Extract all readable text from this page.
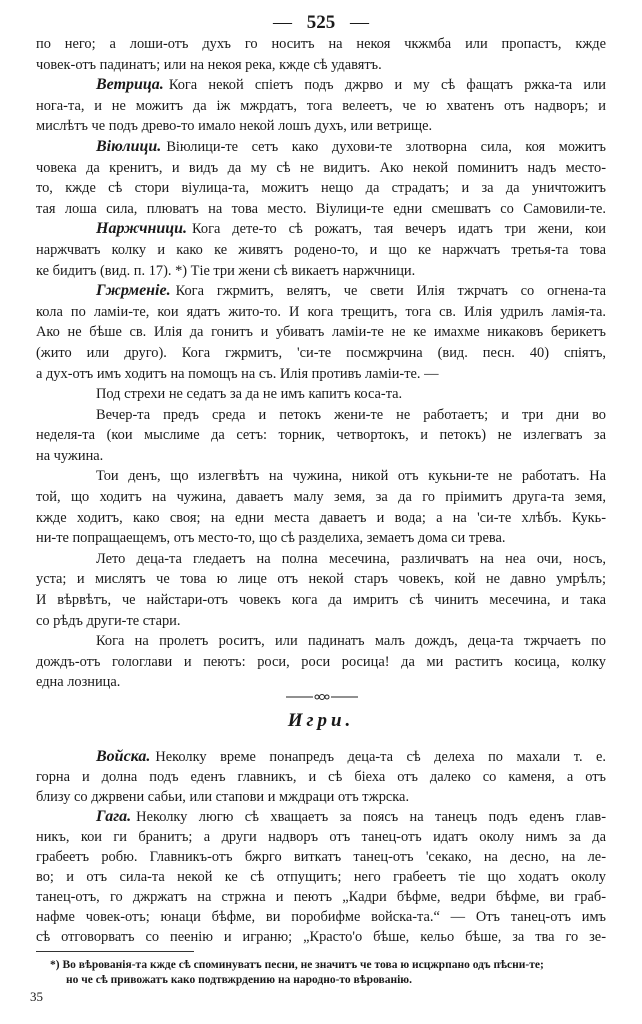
— 525 —
по него; а лоши-отъ духъ го носитъ на некоя чкжмба или пропастъ, кжде
човек-отъ падинатъ; или на некоя река, кжде сѣ удавятъ.
Ветрица. Кога некой спіетъ подъ джрво и му сѣ фащатъ ржка-та или
нога-та, и не можитъ да іж мжрдатъ, тога велеетъ, че ю хватенъ отъ надворъ; и
мислѣтъ че подъ древо-то имало некой лошъ духъ, или ветрище.
Віюлици. Віюлици-те сетъ како духови-те злотворна сила, коя можитъ
човека да кренитъ, и видъ да му сѣ не видитъ. Ако некой поминитъ надъ место-
то, кжде сѣ стори віулица-та, можитъ нещо да страдатъ; и за да уничтожитъ
тая лоша сила, плюватъ на това место. Віулици-те едни смешватъ со Самовили-те.
Наржчници. Кога дете-то сѣ рожатъ, тая вечеръ идатъ три жени, кои
наржчватъ колку и како ке живятъ родено-то, и що ке наржчатъ третья-та това
ке бидитъ (вид. п. 17). *) Тіе три жени сѣ викаетъ наржчници.
Гжрменіе. Кога гжрмитъ, велятъ, че свети Илія тжрчатъ со огнена-та
кола по ламіи-те, кои ядатъ жито-то. И кога трещитъ, тога св. Илія удрилъ ламія-та.
Ако не бѣше св. Илія да гонитъ и убиватъ ламіи-те не ке имахме никаковъ берикетъ
(жито или друго). Кога гжрмитъ, 'си-те посмжрчина (вид. песн. 40) спіятъ,
а дух-отъ имъ ходитъ на помощъ на съ. Илія противъ ламіи-те. —
Под стрехи не седатъ за да не имъ капитъ коса-та.
Вечер-та предъ среда и петокъ жени-те не работаетъ; и три дни во
неделя-та (кои мыслиме да сетъ: торник, четвортокъ, и петокъ) не излегватъ за
на чужина.
Тои денъ, що излегвѣтъ на чужина, никой отъ кукьни-те не работатъ. На
той, що ходитъ на чужина, даваетъ малу земя, за да го пріимитъ друга-та земя,
кжде ходитъ, како своя; на едни места даваетъ и вода; а на 'си-те хлѣбъ. Кукь-
ни-те попращаещемъ, отъ место-то, що сѣ разделиха, земаетъ дома си трева.
Лето деца-та гледаетъ на полна месечина, различватъ на неа очи, носъ,
уста; и мислятъ че това ю лице отъ некой старъ човекъ, кой не давно умрѣлъ;
И вѣрвѣтъ, че найстари-отъ човекъ кога да имритъ сѣ чинитъ месечина, и така
со рѣдъ други-те стари.
Кога на пролетъ роситъ, или падинатъ малъ дождъ, деца-та тжрчаетъ по
дождъ-отъ гологлави и пеютъ: роси, роси росица! да ми раститъ косица, колку
една лозница.
Игри.
Войска. Неколку време понапредъ деца-та сѣ делеха по махали т. е.
горна и долна подъ еденъ главникъ, и сѣ біеха отъ далеко со каменя, а отъ
близу со джрвени сабьи, или стапови и мждраци отъ тжрска.
Гага. Неколку люгю сѣ хващаетъ за поясъ на танецъ подъ еденъ глав-
никъ, кои ги бранитъ; а други надворъ отъ танец-отъ идатъ околу нимъ за да
грабеетъ робю. Главникъ-отъ бжрго виткатъ танец-отъ 'секако, на десно, на ле-
во; и отъ сила-та некой ке сѣ отпущитъ; него грабеетъ тіе що ходатъ околу
танец-отъ, го джржатъ на стржна и пеютъ „Кадри бѣфме, ведри бѣфме, ви граб-
нафме човек-отъ; юнаци бѣфме, ви поробифме войска-та.“ — Отъ танец-отъ имъ
сѣ отговорватъ со пеенію и играню; „Красто'о бѣше, кельо бѣше, за тва го зе-
*) Во вѣрованія-та кжде сѣ споминуватъ песни, не значитъ че това ю исцжрпано одъ пѣсни-те;
но че сѣ привожатъ како подтвжрдению на народно-то вѣрованію.
35
